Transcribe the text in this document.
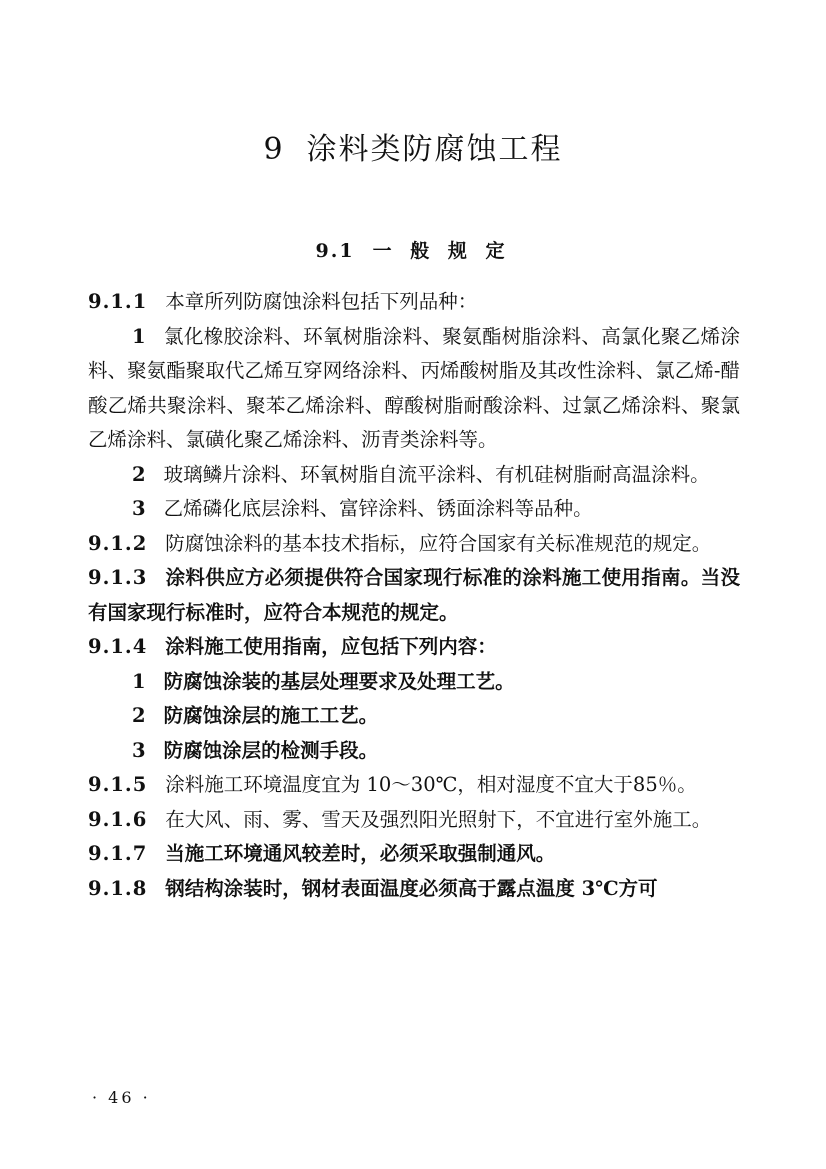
9 涂料类防腐蚀工程
9.1 一 般 规 定

9.1.1 本章所列防腐蚀涂料包括下列品种：

1 氯化橡胶涂料、环氧树脂涂料、聚氨酯树脂涂料、高氯化聚乙烯涂料、聚氨酯聚取代乙烯互穿网络涂料、丙烯酸树脂及其改性涂料、氯乙烯-醋酸乙烯共聚涂料、聚苯乙烯涂料、醇酸树脂耐酸涂料、过氯乙烯涂料、聚氯乙烯涂料、氯磺化聚乙烯涂料、沥青类涂料等。

2 玻璃鳞片涂料、环氧树脂自流平涂料、有机硅树脂耐高温涂料。

3 乙烯磷化底层涂料、富锌涂料、锈面涂料等品种。

9.1.2 防腐蚀涂料的基本技术指标，应符合国家有关标准规范的规定。

9.1.3 涂料供应方必须提供符合国家现行标准的涂料施工使用指南。当没有国家现行标准时，应符合本规范的规定。

9.1.4 涂料施工使用指南，应包括下列内容：

1 防腐蚀涂装的基层处理要求及处理工艺。

2 防腐蚀涂层的施工工艺。

3 防腐蚀涂层的检测手段。

9.1.5 涂料施工环境温度宜为 10～30℃，相对湿度不宜大于85％。

9.1.6 在大风、雨、雾、雪天及强烈阳光照射下，不宜进行室外施工。

9.1.7 当施工环境通风较差时，必须采取强制通风。

9.1.8 钢结构涂装时，钢材表面温度必须高于露点温度 3℃方可

· 46 ·
